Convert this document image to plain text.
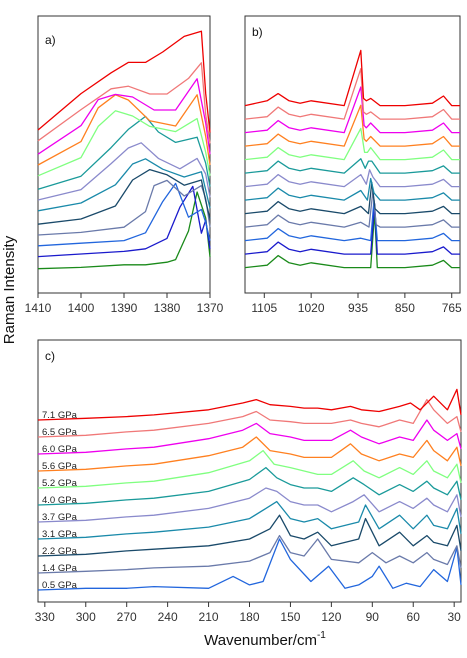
Raman Intensity
Wavenumber/$cm^{-1}$
a)
1410 1400 1390 1380 1370
b)
1105 1020 935 850 765
c)
0.5 GPa
1.4 GPa
2.2 GPa
3.1 GPa
3.7 GPa
4.0 GPa
5.2 GPa
5.6 GPa
6.0 GPa
6.5 GPa
7.1 GPa
330 300 270 240 210 180 150 120 90 60 30
